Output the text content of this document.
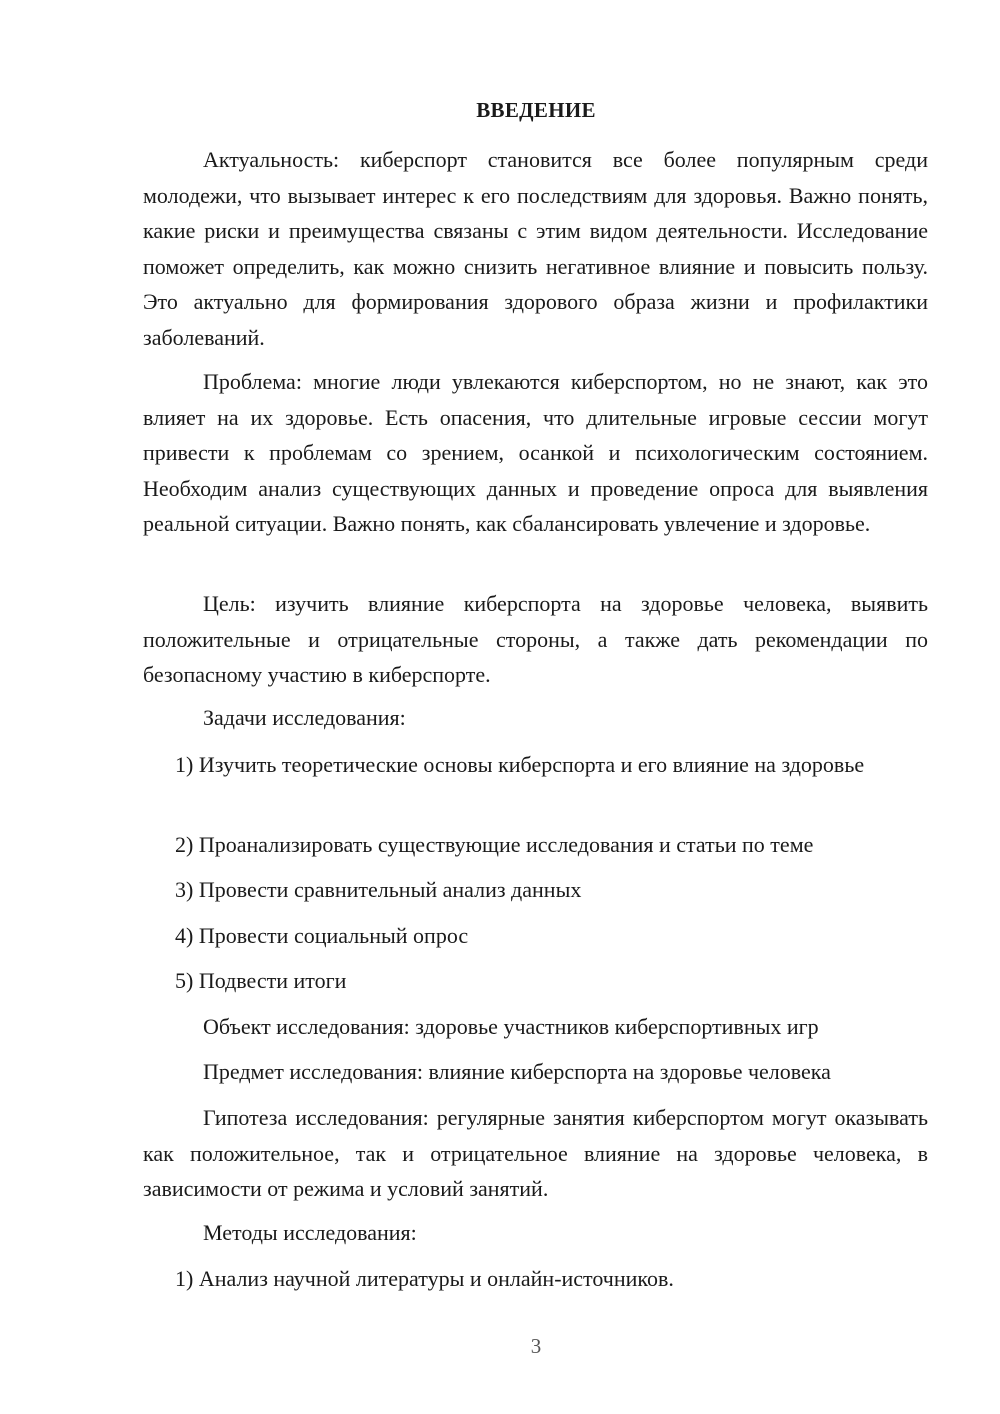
ВВЕДЕНИЕ
Актуальность: киберспорт становится все более популярным среди молодежи, что вызывает интерес к его последствиям для здоровья. Важно понять, какие риски и преимущества связаны с этим видом деятельности. Исследование поможет определить, как можно снизить негативное влияние и повысить пользу. Это актуально для формирования здорового образа жизни и профилактики заболеваний.
Проблема: многие люди увлекаются киберспортом, но не знают, как это влияет на их здоровье. Есть опасения, что длительные игровые сессии могут привести к проблемам со зрением, осанкой и психологическим состоянием. Необходим анализ существующих данных и проведение опроса для выявления реальной ситуации. Важно понять, как сбалансировать увлечение и здоровье.
Цель: изучить влияние киберспорта на здоровье человека, выявить положительные и отрицательные стороны, а также дать рекомендации по безопасному участию в киберспорте.
Задачи исследования:
1) Изучить теоретические основы киберспорта и его влияние на здоровье
2) Проанализировать существующие исследования и статьи по теме
3) Провести сравнительный анализ данных
4) Провести социальный опрос
5) Подвести итоги
Объект исследования: здоровье участников киберспортивных игр
Предмет исследования: влияние киберспорта на здоровье человека
Гипотеза исследования: регулярные занятия киберспортом могут оказывать как положительное, так и отрицательное влияние на здоровье человека, в зависимости от режима и условий занятий.
Методы исследования:
1) Анализ научной литературы и онлайн-источников.
3
